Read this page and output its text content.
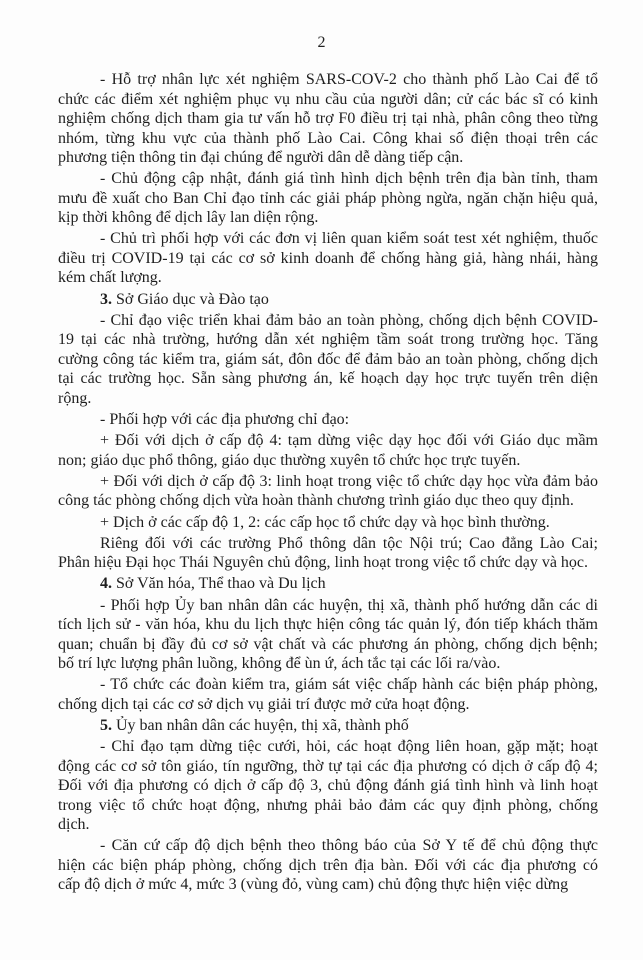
2
- Hỗ trợ nhân lực xét nghiệm SARS-COV-2 cho thành phố Lào Cai để tổ
chức các điểm xét nghiệm phục vụ nhu cầu của người dân; cử các bác sĩ có kinh
nghiệm chống dịch tham gia tư vấn hỗ trợ F0 điều trị tại nhà, phân công theo từng
nhóm, từng khu vực của thành phố Lào Cai. Công khai số điện thoại trên các
phương tiện thông tin đại chúng để người dân dễ dàng tiếp cận.
- Chủ động cập nhật, đánh giá tình hình dịch bệnh trên địa bàn tỉnh, tham
mưu đề xuất cho Ban Chỉ đạo tỉnh các giải pháp phòng ngừa, ngăn chặn hiệu quả,
kịp thời không để dịch lây lan diện rộng.
- Chủ trì phối hợp với các đơn vị liên quan kiểm soát test xét nghiệm, thuốc
điều trị COVID-19 tại các cơ sở kinh doanh để chống hàng giả, hàng nhái, hàng
kém chất lượng.
3. Sở Giáo dục và Đào tạo
- Chỉ đạo việc triển khai đảm bảo an toàn phòng, chống dịch bệnh COVID-
19 tại các nhà trường, hướng dẫn xét nghiệm tầm soát trong trường học. Tăng
cường công tác kiểm tra, giám sát, đôn đốc để đảm bảo an toàn phòng, chống dịch
tại các trường học. Sẵn sàng phương án, kế hoạch dạy học trực tuyến trên diện
rộng.
- Phối hợp với các địa phương chỉ đạo:
+ Đối với dịch ở cấp độ 4: tạm dừng việc dạy học đối với Giáo dục mầm
non; giáo dục phổ thông, giáo dục thường xuyên tổ chức học trực tuyến.
+ Đối với dịch ở cấp độ 3: linh hoạt trong việc tổ chức dạy học vừa đảm bảo
công tác phòng chống dịch vừa hoàn thành chương trình giáo dục theo quy định.
+ Dịch ở các cấp độ 1, 2: các cấp học tổ chức dạy và học bình thường.
Riêng đối với các trường Phổ thông dân tộc Nội trú; Cao đẳng Lào Cai;
Phân hiệu Đại học Thái Nguyên chủ động, linh hoạt trong việc tổ chức dạy và học.
4. Sở Văn hóa, Thể thao và Du lịch
- Phối hợp Ủy ban nhân dân các huyện, thị xã, thành phố hướng dẫn các di
tích lịch sử - văn hóa, khu du lịch thực hiện công tác quản lý, đón tiếp khách thăm
quan; chuẩn bị đầy đủ cơ sở vật chất và các phương án phòng, chống dịch bệnh;
bố trí lực lượng phân luồng, không để ùn ứ, ách tắc tại các lối ra/vào.
- Tổ chức các đoàn kiểm tra, giám sát việc chấp hành các biện pháp phòng,
chống dịch tại các cơ sở dịch vụ giải trí được mở cửa hoạt động.
5. Ủy ban nhân dân các huyện, thị xã, thành phố
- Chỉ đạo tạm dừng tiệc cưới, hỏi, các hoạt động liên hoan, gặp mặt; hoạt
động các cơ sở tôn giáo, tín ngưỡng, thờ tự tại các địa phương có dịch ở cấp độ 4;
Đối với địa phương có dịch ở cấp độ 3, chủ động đánh giá tình hình và linh hoạt
trong việc tổ chức hoạt động, nhưng phải bảo đảm các quy định phòng, chống
dịch.
- Căn cứ cấp độ dịch bệnh theo thông báo của Sở Y tế để chủ động thực
hiện các biện pháp phòng, chống dịch trên địa bàn. Đối với các địa phương có
cấp độ dịch ở mức 4, mức 3 (vùng đỏ, vùng cam) chủ động thực hiện việc dừng
